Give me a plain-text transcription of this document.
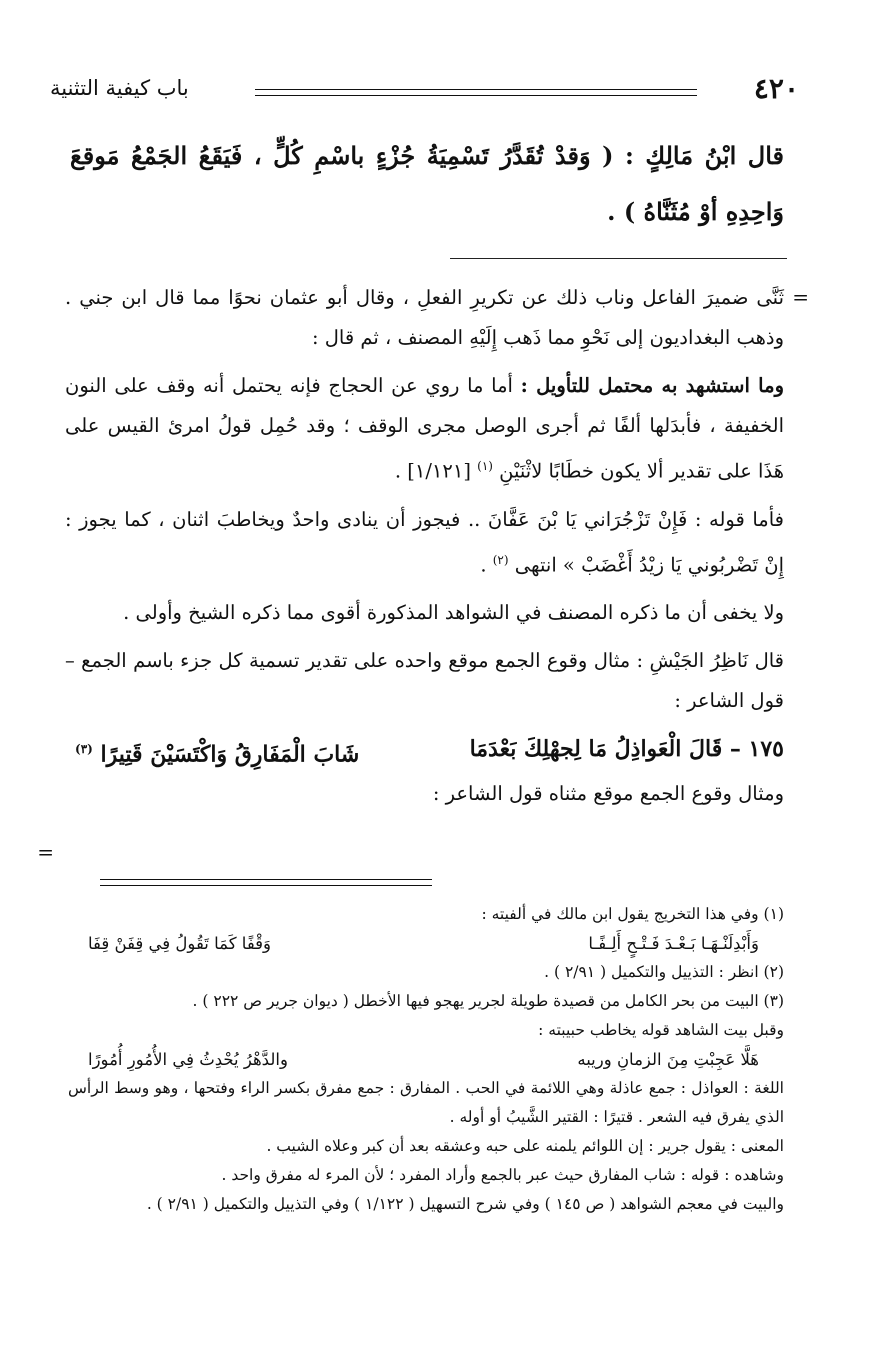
٤٢٠
باب كيفية التثنية
قال ابْنُ مَالِكٍ : ( وَقدْ تُقَدَّرُ تَسْمِيَةُ جُزْءٍ باسْمِ كُلٍّ ، فَيَقَعُ الجَمْعُ مَوقعَ وَاحِدِهِ أوْ مُثَنَّاهُ ) .
=

ثَنَّى ضميرَ الفاعل وناب ذلك عن تكريرِ الفعلِ ، وقال أبو عثمان نحوًا مما قال ابن جني . وذهب البغداديون إلى نَحْوِ مما ذَهب إِلَيْهِ المصنف ، ثم قال :

وما استشهد به محتمل للتأويل : أما ما روي عن الحجاج فإنه يحتمل أنه وقف على النون الخفيفة ، فأبدَلها ألفًا ثم أجرى الوصل مجرى الوقف ؛ وقد حُمِل قولُ امرئ القيس على هَذَا على تقدير ألا يكون خطَابًا لاثْنَيْنِ $^{(١)}$ [١/١٢١] .

فأما قوله : فَإِنْ تَزْجُرَاني يَا بْنَ عَفَّانَ .. فيجوز أن ينادى واحدٌ ويخاطبَ اثنان ، كما يجوز : إِنْ تَضْربُوني يَا زيْدُ أَغْضَبْ » انتهى $^{(٢)}$ .

ولا يخفى أن ما ذكره المصنف في الشواهد المذكورة أقوى مما ذكره الشيخ وأولى .

قال نَاظِرُ الجَيْشِ : مثال وقوع الجمع موقع واحده على تقدير تسمية كل جزء باسم الجمع – قول الشاعر :

١٧٥ – قَالَ الْعَواذِلُ مَا لِجهْلِكَ بَعْدَمَا
شَابَ الْمَفَارِقُ وَاكْتَسَيْنَ قَتِيرًا $^{(٣)}$

ومثال وقوع الجمع موقع مثناه قول الشاعر :

=

(١) وفي هذا التخريج يقول ابن مالك في ألفيته :

وَأَبْدِلَنْـهَـا بَـعْـدَ فَـتْـحٍ أَلِـفًـا
وَقْفًا كَمَا تَقُولُ فِي قِفَنْ قِفَا

(٢) انظر : التذييل والتكميل ( ٢/٩١ ) .

(٣) البيت من بحر الكامل من قصيدة طويلة لجرير يهجو فيها الأخطل ( ديوان جرير ص ٢٢٢ ) .

وقبل بيت الشاهد قوله يخاطب حبيبته :

هَلَّا عَجِبْتِ مِنَ الزمانِ وريبه
والدَّهْرُ يُحْدِثُ فِي الأُمُورِ أُمُورًا

اللغة : العواذل : جمع عاذلة وهي اللائمة في الحب . المفارق : جمع مفرق بكسر الراء وفتحها ، وهو وسط الرأس الذي يفرق فيه الشعر . قتيرًا : القتير الشَّيبُ أو أوله .

المعنى : يقول جرير : إن اللوائم يلمنه على حبه وعشقه بعد أن كبر وعلاه الشيب .

وشاهده : قوله : شاب المفارق حيث عبر بالجمع وأراد المفرد ؛ لأن المرء له مفرق واحد .

والبيت في معجم الشواهد ( ص ١٤٥ ) وفي شرح التسهيل ( ١/١٢٢ ) وفي التذييل والتكميل ( ٢/٩١ ) .
